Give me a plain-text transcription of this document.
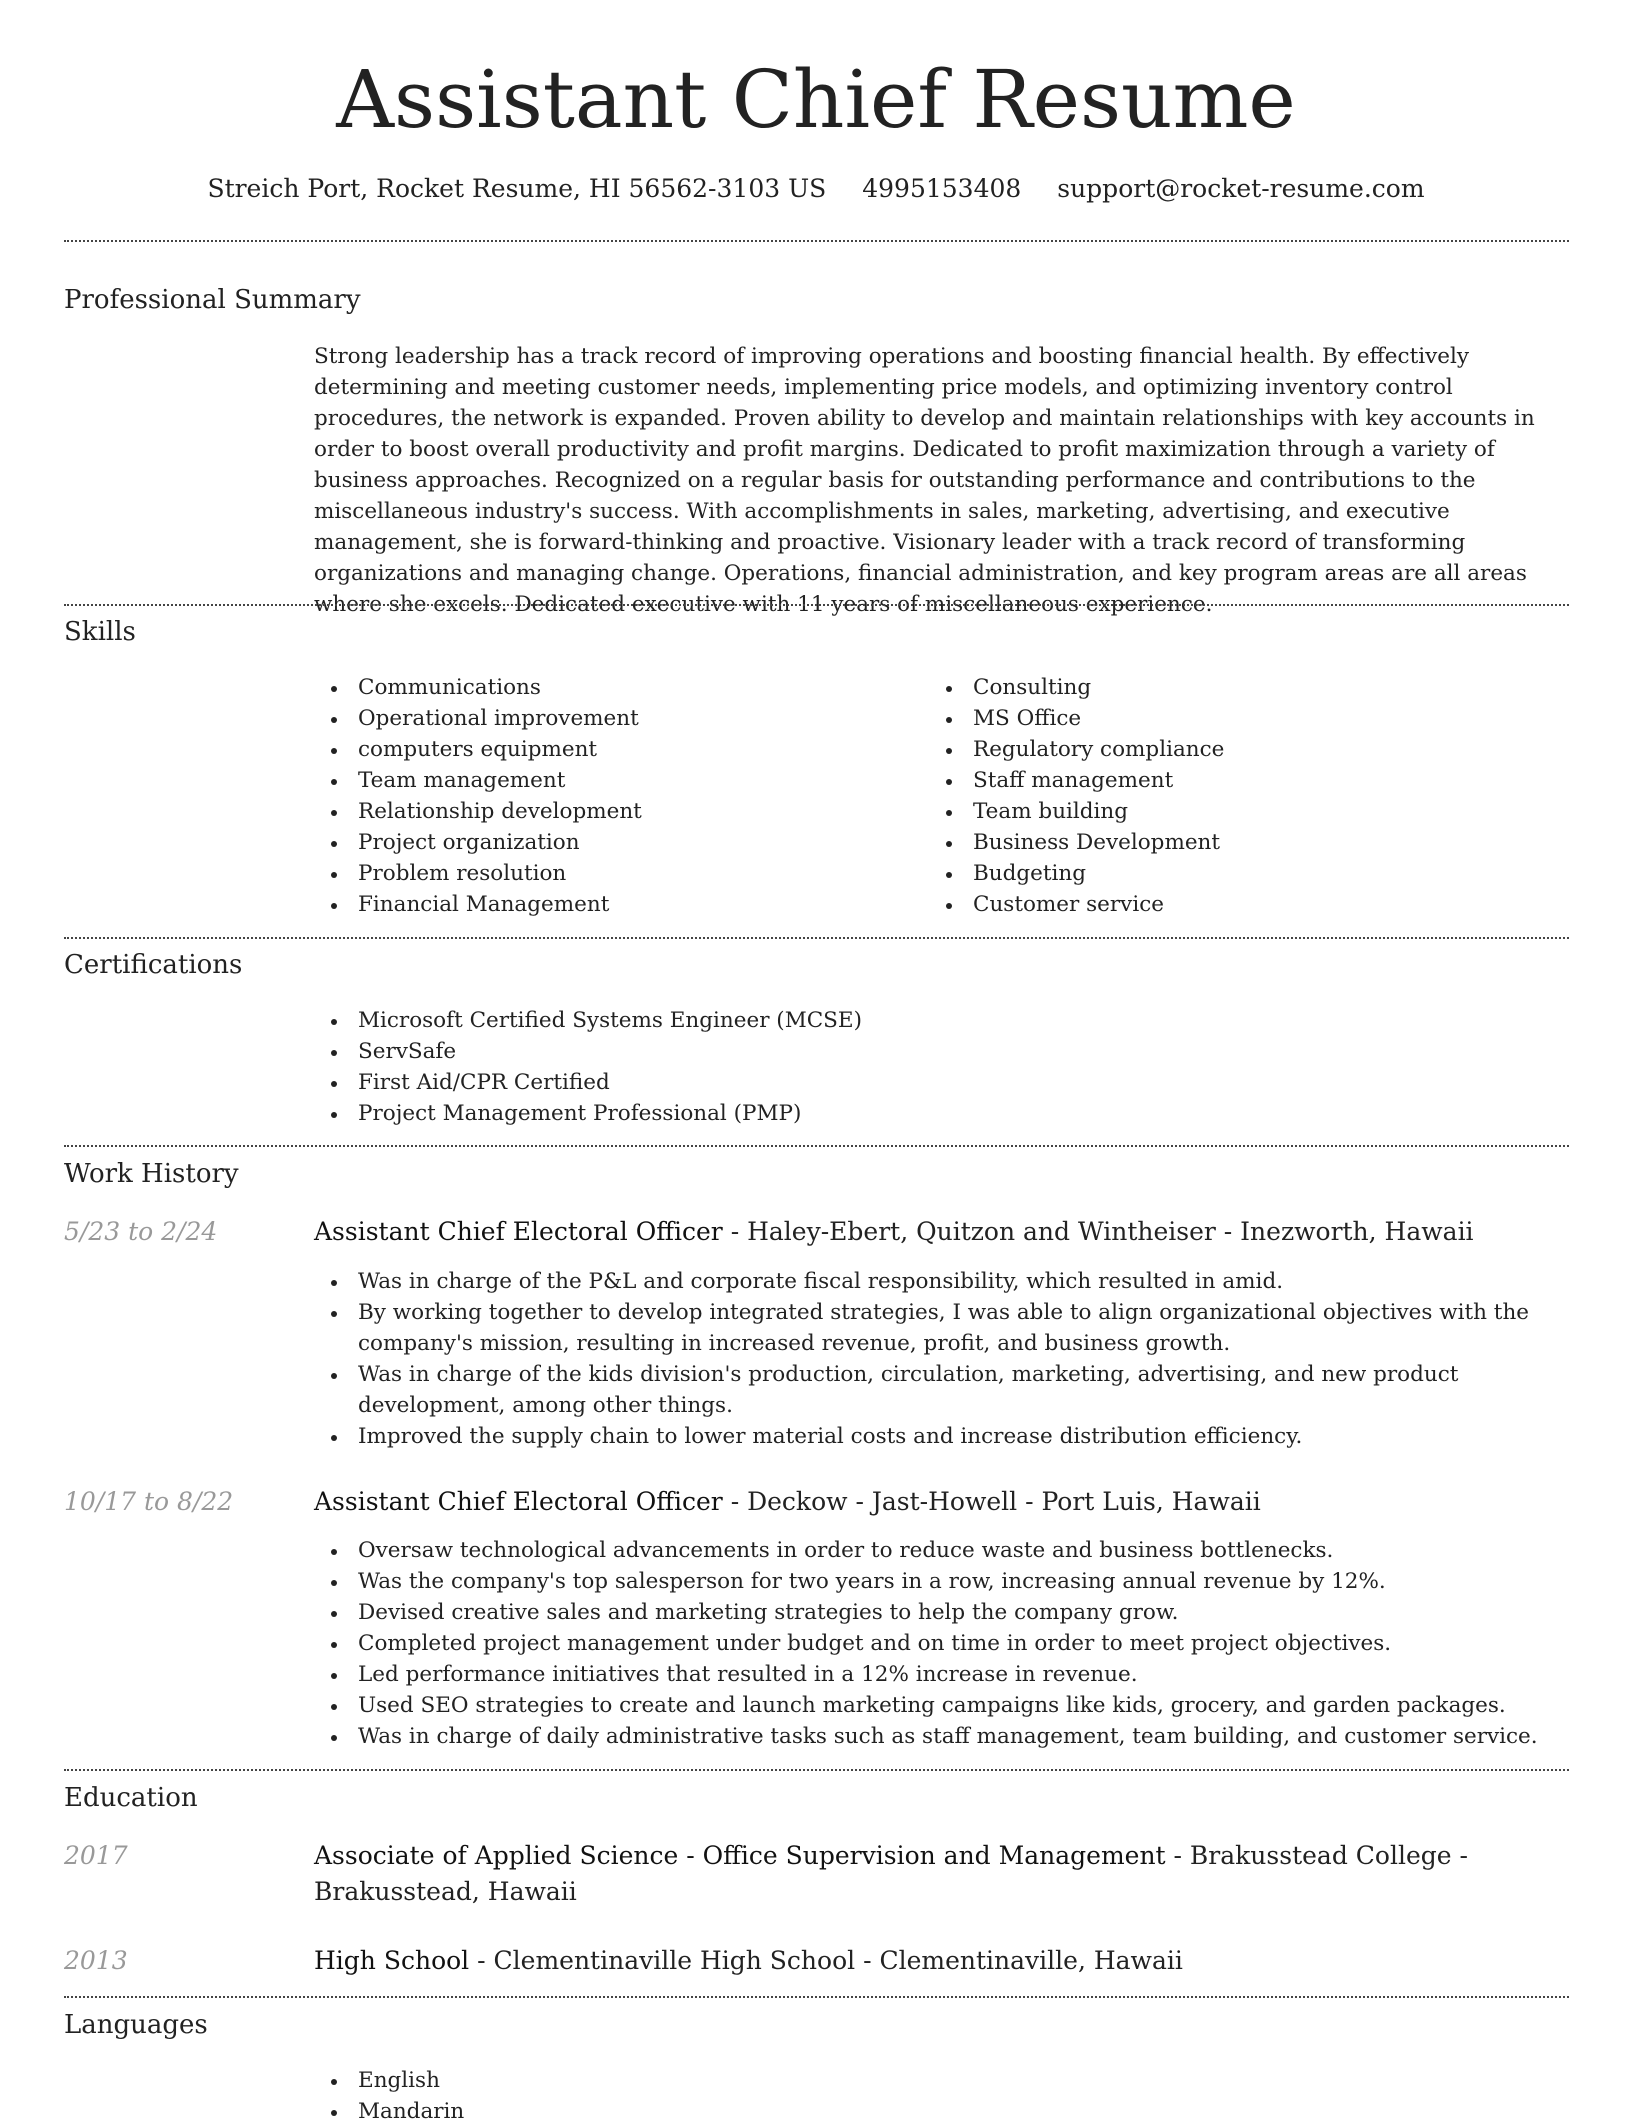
Assistant Chief Resume
Streich Port, Rocket Resume, HI 56562-3103 US 4995153408 support@rocket-resume.com
Professional Summary

Strong leadership has a track record of improving operations and boosting financial health. By effectively determining and meeting customer needs, implementing price models, and optimizing inventory control procedures, the network is expanded. Proven ability to develop and maintain relationships with key accounts in order to boost overall productivity and profit margins. Dedicated to profit maximization through a variety of business approaches. Recognized on a regular basis for outstanding performance and contributions to the miscellaneous industry's success. With accomplishments in sales, marketing, advertising, and executive management, she is forward-thinking and proactive. Visionary leader with a track record of transforming organizations and managing change. Operations, financial administration, and key program areas are all areas where she excels. Dedicated executive with 11 years of miscellaneous experience.

Skills
Communications
Operational improvement
computers equipment
Team management
Relationship development
Project organization
Problem resolution
Financial Management
Consulting
MS Office
Regulatory compliance
Staff management
Team building
Business Development
Budgeting
Customer service
Certifications
Microsoft Certified Systems Engineer (MCSE)
ServSafe
First Aid/CPR Certified
Project Management Professional (PMP)
Work History
5/23 to 2/24	Assistant Chief Electoral Officer - Haley-Ebert, Quitzon and Wintheiser - Inezworth, Hawaii
Was in charge of the P&L and corporate fiscal responsibility, which resulted in amid.
By working together to develop integrated strategies, I was able to align organizational objectives with the company's mission, resulting in increased revenue, profit, and business growth.
Was in charge of the kids division's production, circulation, marketing, advertising, and new product development, among other things.
Improved the supply chain to lower material costs and increase distribution efficiency.
10/17 to 8/22	Assistant Chief Electoral Officer - Deckow - Jast-Howell - Port Luis, Hawaii
Oversaw technological advancements in order to reduce waste and business bottlenecks.
Was the company's top salesperson for two years in a row, increasing annual revenue by 12%.
Devised creative sales and marketing strategies to help the company grow.
Completed project management under budget and on time in order to meet project objectives.
Led performance initiatives that resulted in a 12% increase in revenue.
Used SEO strategies to create and launch marketing campaigns like kids, grocery, and garden packages.
Was in charge of daily administrative tasks such as staff management, team building, and customer service.
Education
2017	Associate of Applied Science - Office Supervision and Management - Brakusstead College - Brakusstead, Hawaii
2013	High School - Clementinaville High School - Clementinaville, Hawaii
Languages
English
Mandarin
